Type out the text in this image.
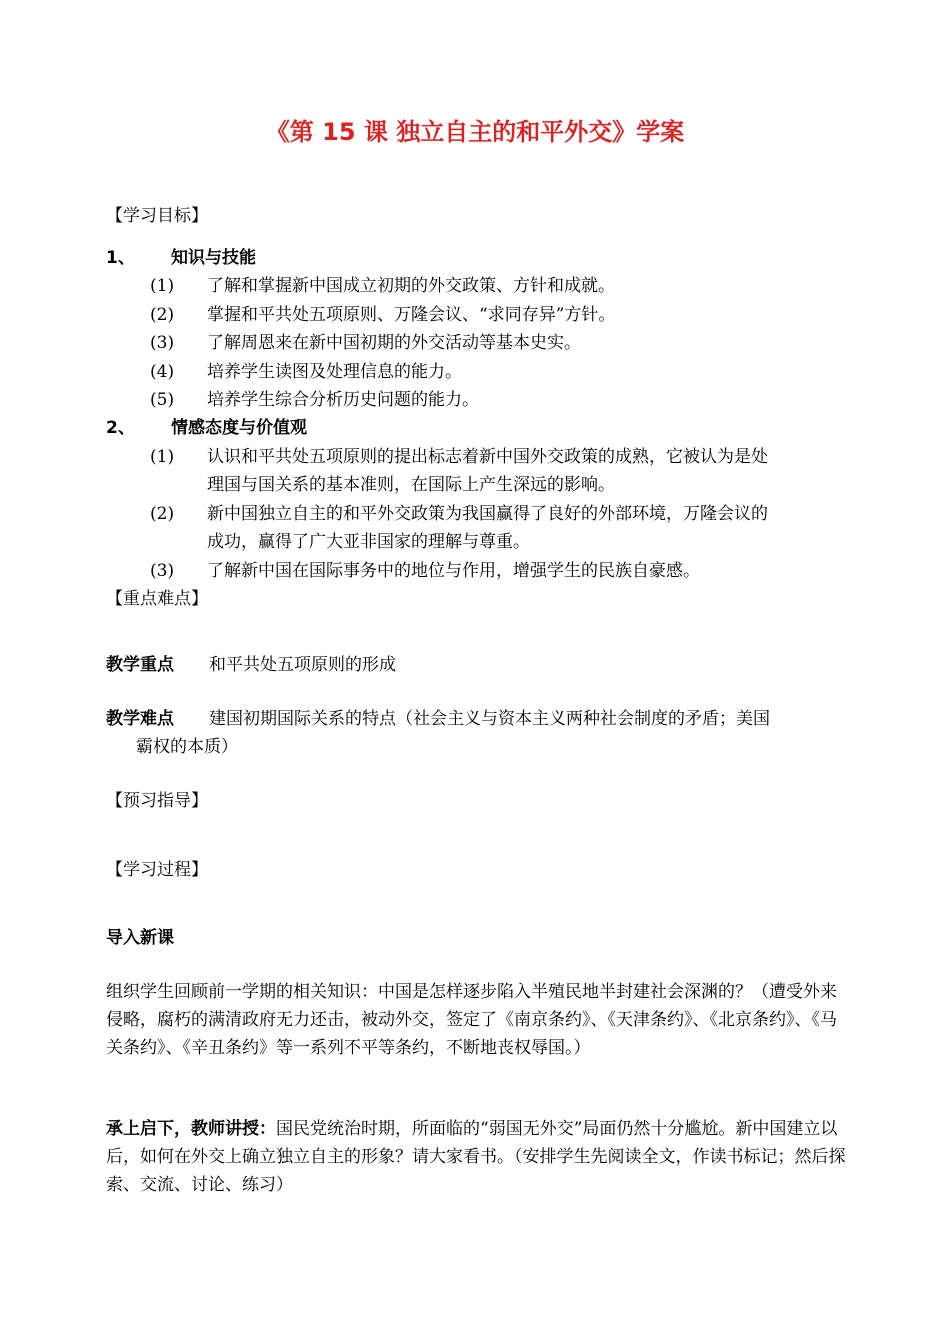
《第 15 课 独立自主的和平外交》学案
【学习目标】
1、 知识与技能
(1) 了解和掌握新中国成立初期的外交政策、方针和成就。
(2) 掌握和平共处五项原则、万隆会议、“求同存异”方针。
(3) 了解周恩来在新中国初期的外交活动等基本史实。
(4) 培养学生读图及处理信息的能力。
(5) 培养学生综合分析历史问题的能力。
2、 情感态度与价值观
(1) 认识和平共处五项原则的提出标志着新中国外交政策的成熟，它被认为是处
理国与国关系的基本准则，在国际上产生深远的影响。
(2) 新中国独立自主的和平外交政策为我国赢得了良好的外部环境，万隆会议的
成功，赢得了广大亚非国家的理解与尊重。
(3) 了解新中国在国际事务中的地位与作用，增强学生的民族自豪感。
【重点难点】
教学重点 和平共处五项原则的形成
教学难点 建国初期国际关系的特点（社会主义与资本主义两种社会制度的矛盾；美国
霸权的本质）
【预习指导】
【学习过程】
导入新课
组织学生回顾前一学期的相关知识：中国是怎样逐步陷入半殖民地半封建社会深渊的？（遭受外来侵略，腐朽的满清政府无力还击，被动外交，签定了《南京条约》、《天津条约》、《北京条约》、《马关条约》、《辛丑条约》等一系列不平等条约，不断地丧权辱国。）
承上启下，教师讲授：国民党统治时期，所面临的“弱国无外交”局面仍然十分尴尬。新中国建立以后，如何在外交上确立独立自主的形象？请大家看书。（安排学生先阅读全文，作读书标记；然后探索、交流、讨论、练习）
